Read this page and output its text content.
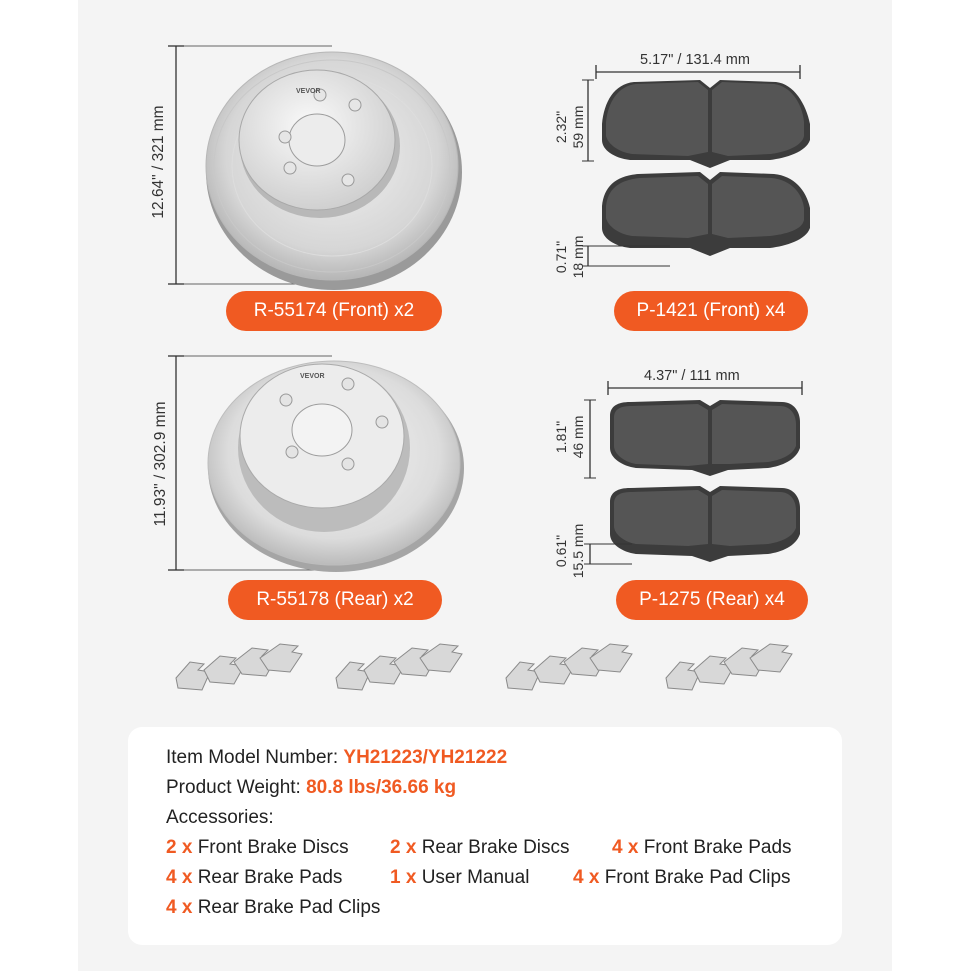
VEVOR
12.64" / 321 mm
R-55174 (Front) x2
VEVOR
11.93" / 302.9 mm
R-55178 (Rear) x2
5.17" / 131.4 mm
2.32" 59 mm
0.71" 18 mm
P-1421 (Front) x4
4.37" / 111 mm
1.81" 46 mm
0.61" 15.5 mm
P-1275 (Rear) x4
Item Model Number: YH21223/YH21222
Product Weight: 80.8 lbs/36.66 kg
Accessories:
2 x Front Brake Discs 2 x Rear Brake Discs 4 x Front Brake Pads
4 x Rear Brake Pads	1 x User Manual 4 x Front Brake Pad Clips
4 x Rear Brake Pad Clips
